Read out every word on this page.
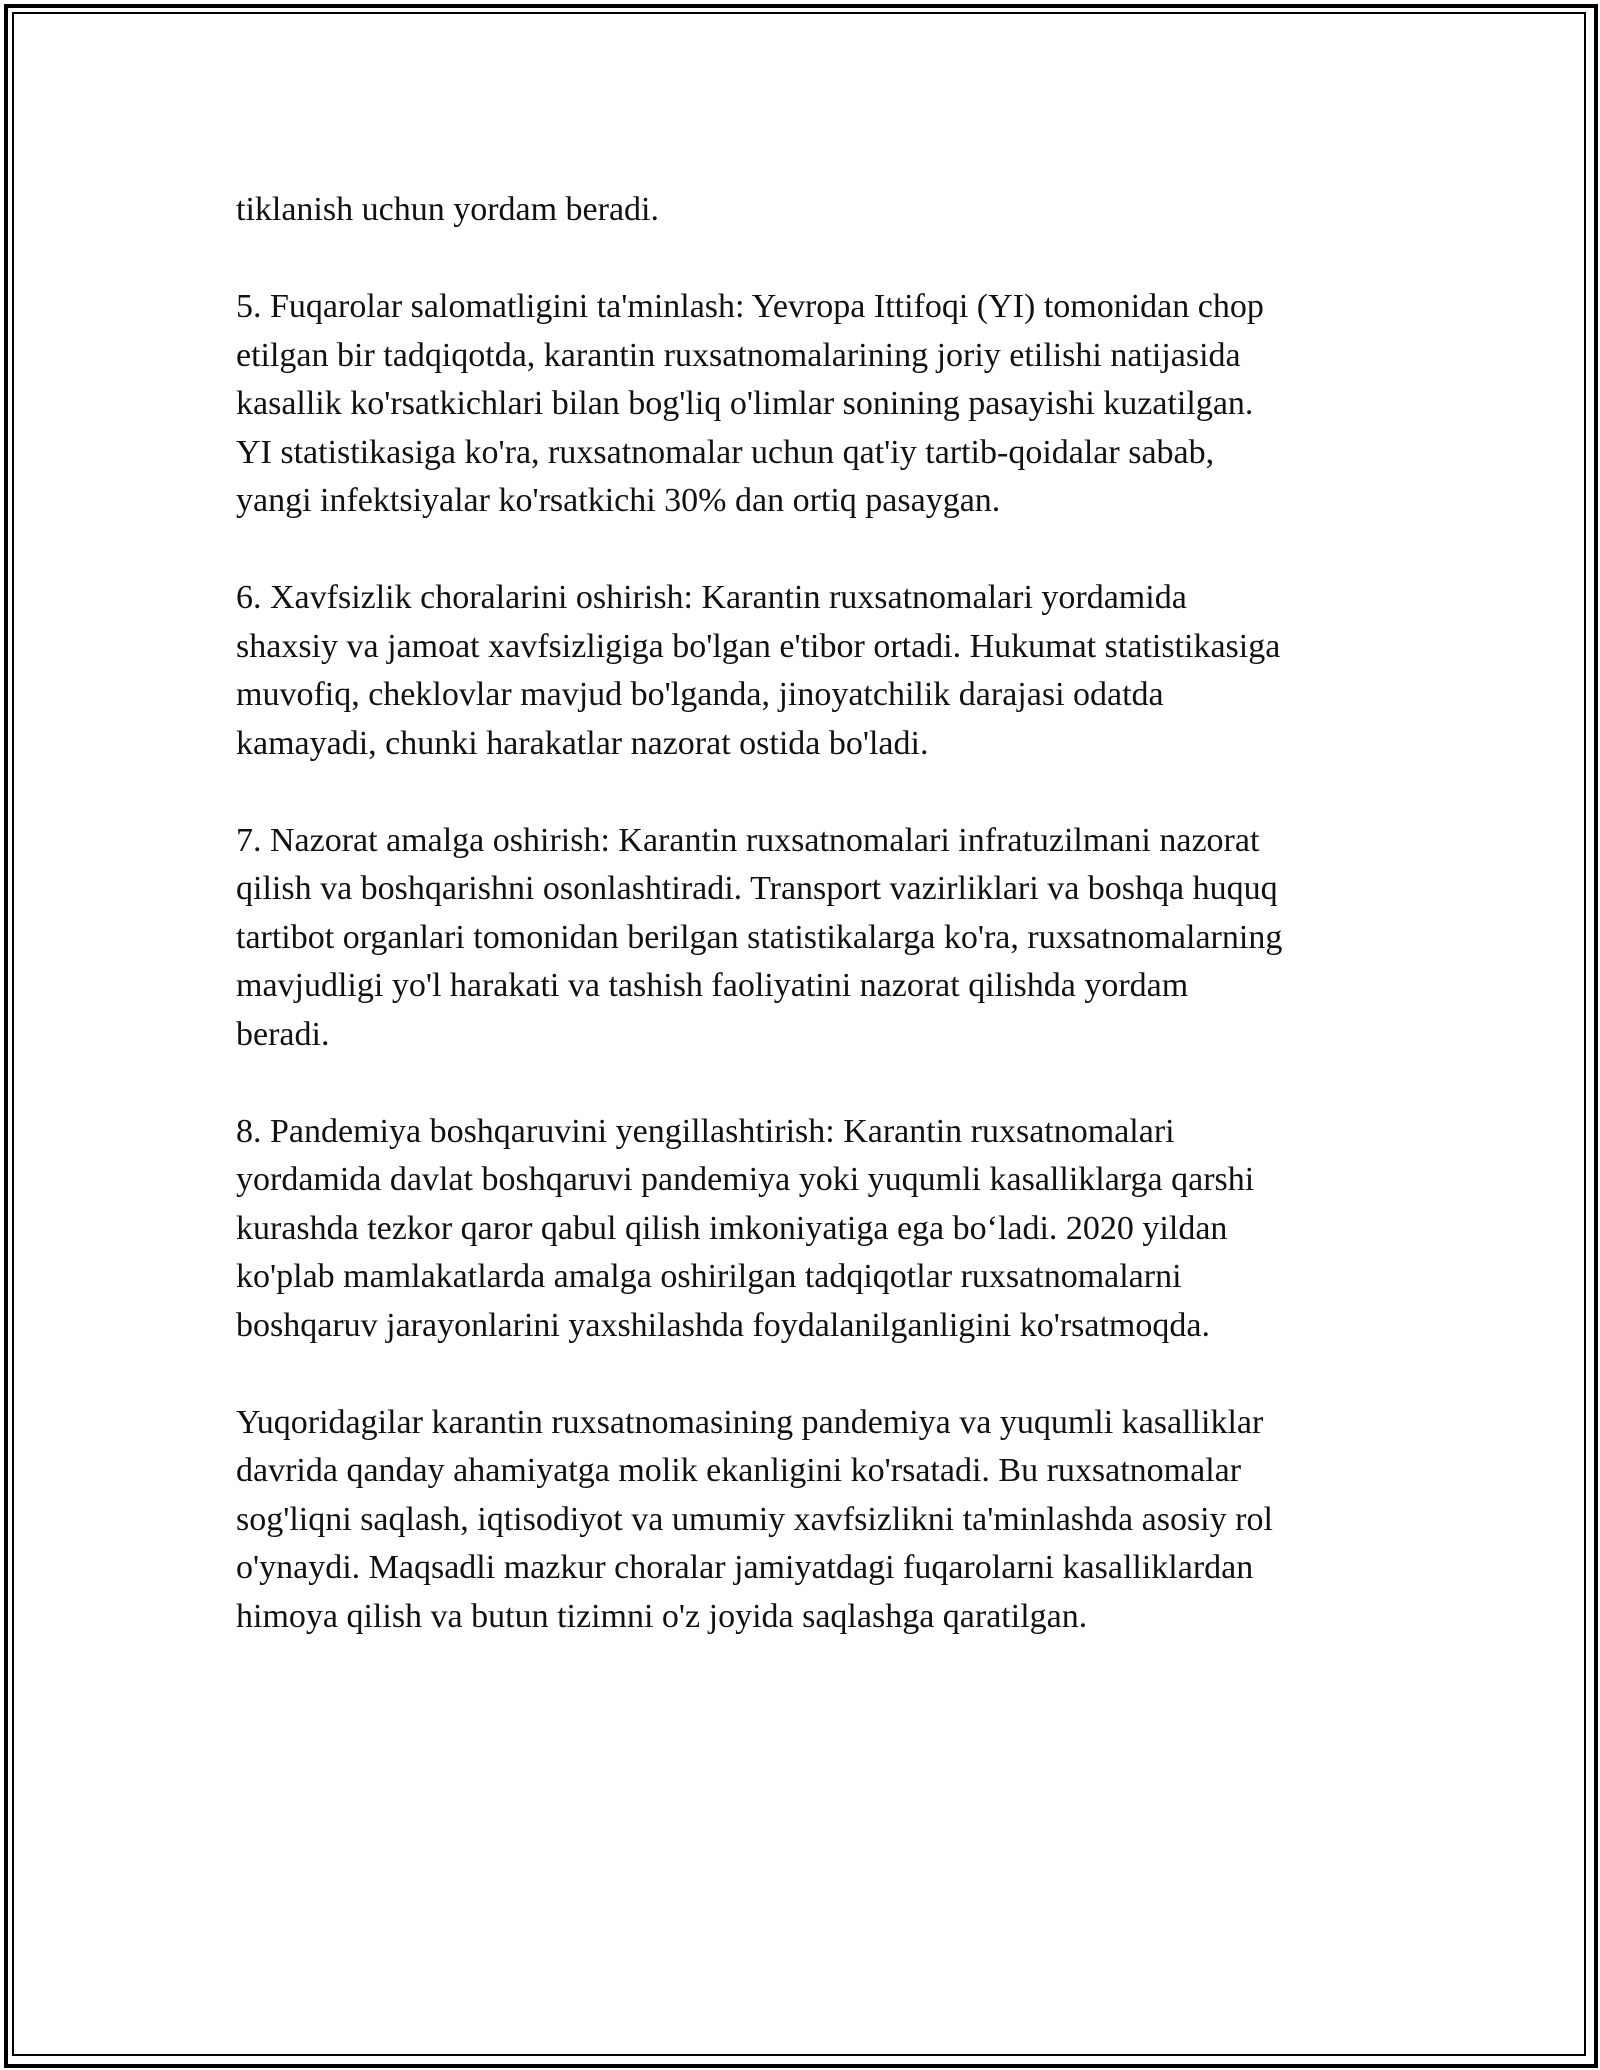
tiklanish uchun yordam beradi.

5. Fuqarolar salomatligini ta'minlash: Yevropa Ittifoqi (YI) tomonidan chop
etilgan bir tadqiqotda, karantin ruxsatnomalarining joriy etilishi natijasida
kasallik ko'rsatkichlari bilan bog'liq o'limlar sonining pasayishi kuzatilgan.
YI statistikasiga ko'ra, ruxsatnomalar uchun qat'iy tartib-qoidalar sabab,
yangi infektsiyalar ko'rsatkichi 30% dan ortiq pasaygan.

6. Xavfsizlik choralarini oshirish: Karantin ruxsatnomalari yordamida
shaxsiy va jamoat xavfsizligiga bo'lgan e'tibor ortadi. Hukumat statistikasiga
muvofiq, cheklovlar mavjud bo'lganda, jinoyatchilik darajasi odatda
kamayadi, chunki harakatlar nazorat ostida bo'ladi.

7. Nazorat amalga oshirish: Karantin ruxsatnomalari infratuzilmani nazorat
qilish va boshqarishni osonlashtiradi. Transport vazirliklari va boshqa huquq
tartibot organlari tomonidan berilgan statistikalarga ko'ra, ruxsatnomalarning
mavjudligi yo'l harakati va tashish faoliyatini nazorat qilishda yordam
beradi.

8. Pandemiya boshqaruvini yengillashtirish: Karantin ruxsatnomalari
yordamida davlat boshqaruvi pandemiya yoki yuqumli kasalliklarga qarshi
kurashda tezkor qaror qabul qilish imkoniyatiga ega bo‘ladi. 2020 yildan
ko'plab mamlakatlarda amalga oshirilgan tadqiqotlar ruxsatnomalarni
boshqaruv jarayonlarini yaxshilashda foydalanilganligini ko'rsatmoqda.

Yuqoridagilar karantin ruxsatnomasining pandemiya va yuqumli kasalliklar
davrida qanday ahamiyatga molik ekanligini ko'rsatadi. Bu ruxsatnomalar
sog'liqni saqlash, iqtisodiyot va umumiy xavfsizlikni ta'minlashda asosiy rol
o'ynaydi. Maqsadli mazkur choralar jamiyatdagi fuqarolarni kasalliklardan
himoya qilish va butun tizimni o'z joyida saqlashga qaratilgan.
